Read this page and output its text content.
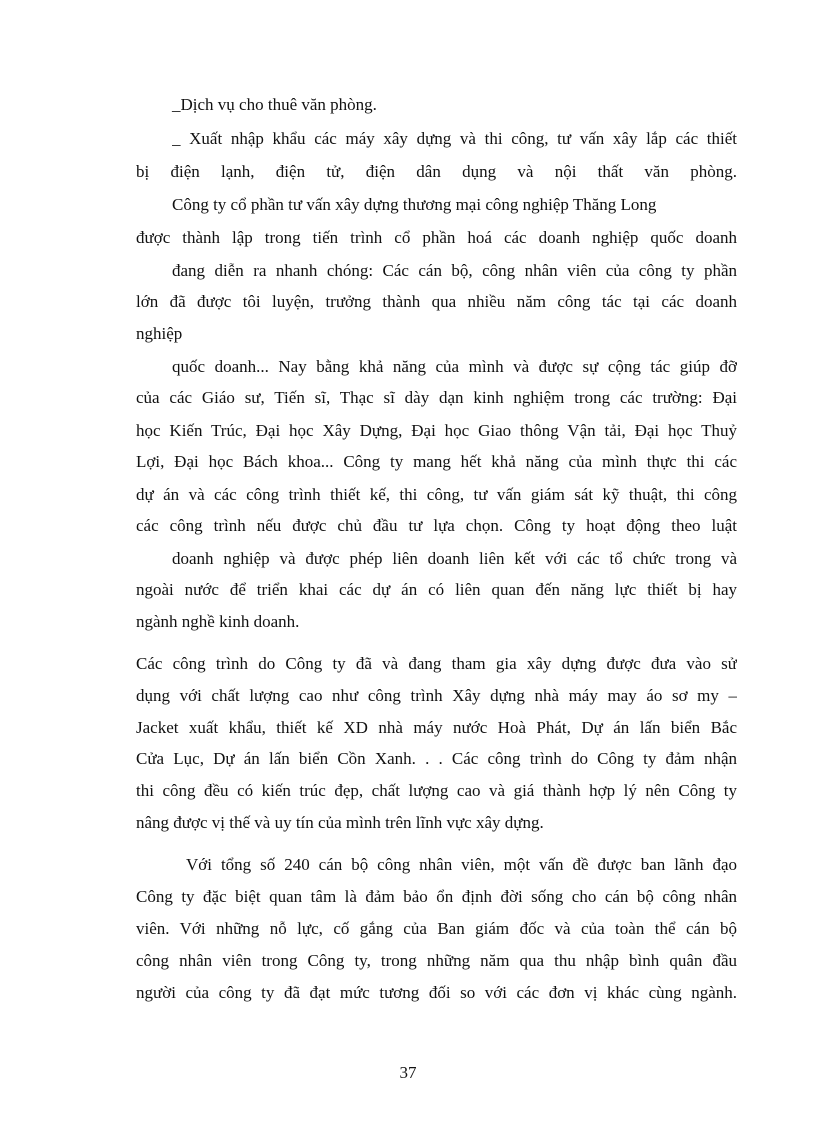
_Dịch vụ cho thuê văn phòng.

_ Xuất nhập khẩu các máy xây dựng và thi công, tư vấn xây lắp các thiết

bị điện lạnh, điện tử, điện dân dụng và nội thất văn phòng.

Công ty cổ phần tư vấn xây dựng thương mại công nghiệp Thăng Long

được thành lập trong tiến trình cổ phần hoá các doanh nghiệp quốc doanh

đang diễn ra nhanh chóng: Các cán bộ, công nhân viên của công ty phần

lớn đã được tôi luyện, trưởng thành qua nhiều năm công tác tại các doanh

nghiệp

quốc doanh... Nay bằng khả năng của mình và được sự cộng tác giúp đỡ

của các Giáo sư, Tiến sĩ, Thạc sĩ dày dạn kinh nghiệm trong các trường: Đại

học Kiến Trúc, Đại học Xây Dựng, Đại học Giao thông Vận tải, Đại học Thuỷ

Lợi, Đại học Bách khoa... Công ty mang hết khả năng của mình thực thi các

dự án và các công trình thiết kế, thi công, tư vấn giám sát kỹ thuật, thi công

các công trình nếu được chủ đầu tư lựa chọn. Công ty hoạt động theo luật

doanh nghiệp và được phép liên doanh liên kết với các tổ chức trong và

ngoài nước để triển khai các dự án có liên quan đến năng lực thiết bị hay

ngành nghề kinh doanh.

Các công trình do Công ty đã và đang tham gia xây dựng được đưa vào sử

dụng với chất lượng cao như công trình Xây dựng nhà máy may áo sơ my –

Jacket xuất khẩu, thiết kế XD nhà máy nước Hoà Phát, Dự án lấn biển Bắc

Cửa Lục, Dự án lấn biển Cồn Xanh. . . Các công trình do Công ty đảm nhận

thi công đều có kiến trúc đẹp, chất lượng cao và giá thành hợp lý nên Công ty

nâng được vị thế và uy tín của mình trên lĩnh vực xây dựng.

Với tổng số 240 cán bộ công nhân viên, một vấn đề được ban lãnh đạo

Công ty đặc biệt quan tâm là đảm bảo ổn định đời sống cho cán bộ công nhân

viên. Với những nỗ lực, cố gắng của Ban giám đốc và của toàn thể cán bộ

công nhân viên trong Công ty, trong những năm qua thu nhập bình quân đầu

người của công ty đã đạt mức tương đối so với các đơn vị khác cùng ngành.

37
